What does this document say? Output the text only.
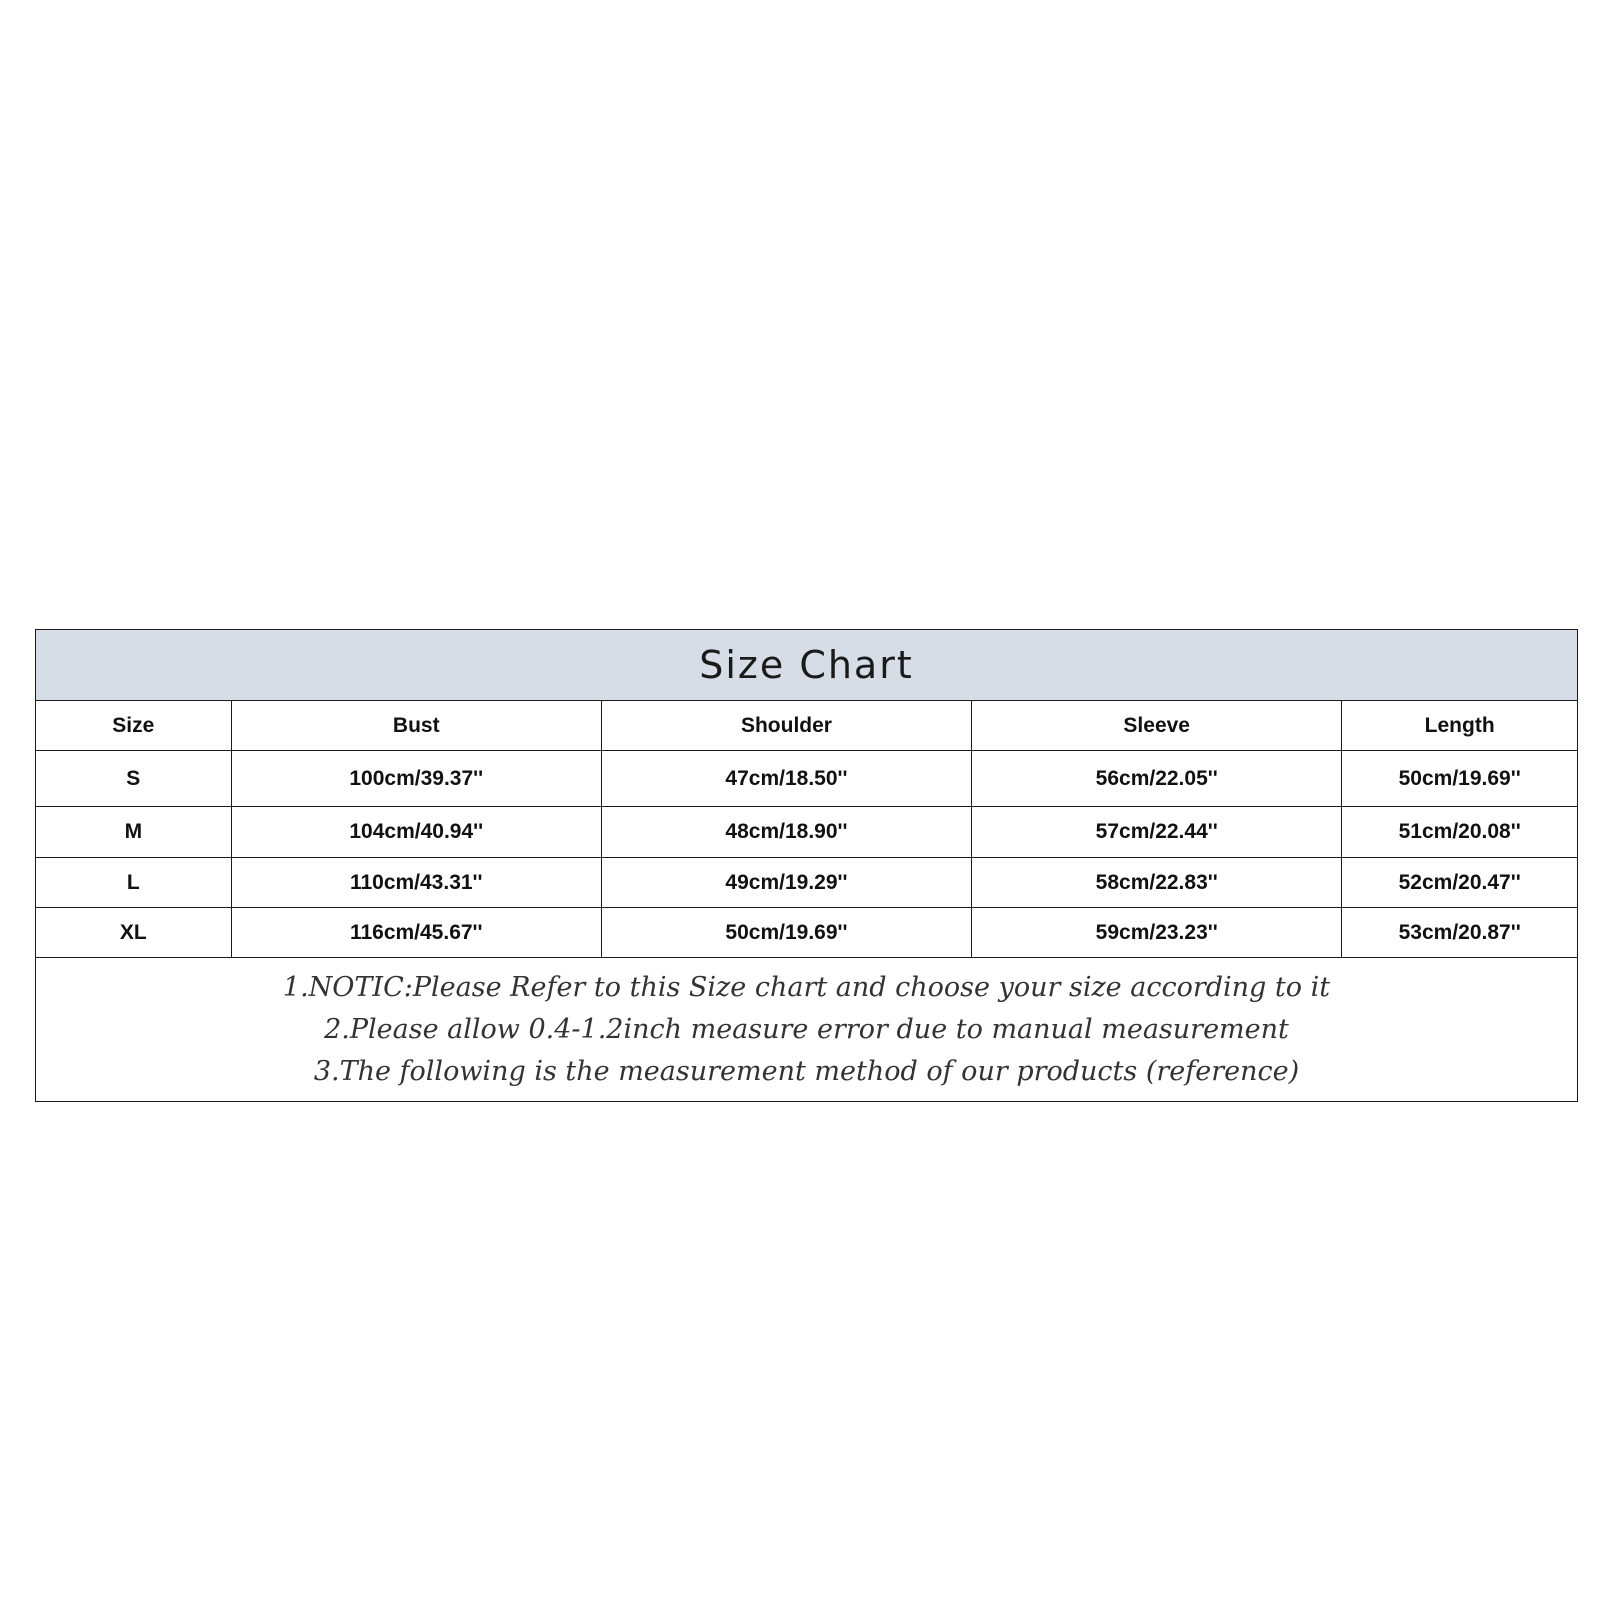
Size Chart
Size	Bust	Shoulder	Sleeve	Length
S	100cm/39.37''	47cm/18.50''	56cm/22.05''	50cm/19.69''
M	104cm/40.94''	48cm/18.90''	57cm/22.44''	51cm/20.08''
L	110cm/43.31''	49cm/19.29''	58cm/22.83''	52cm/20.47''
XL	116cm/45.67''	50cm/19.69''	59cm/23.23''	53cm/20.87''
1.NOTIC:Please Refer to this Size chart and choose your size according to it
2.Please allow 0.4-1.2inch measure error due to manual measurement
3.The following is the measurement method of our products (reference)
